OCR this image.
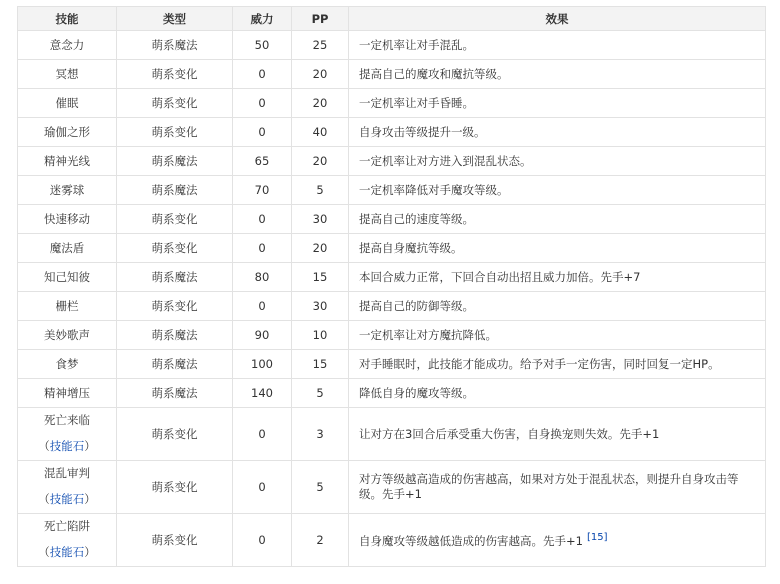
技能	类型	威力	PP	效果
意念力	萌系魔法	50	25	一定机率让对手混乱。
冥想	萌系变化	0	20	提高自己的魔攻和魔抗等级。
催眠	萌系变化	0	20	一定机率让对手昏睡。
瑜伽之形	萌系变化	0	40	自身攻击等级提升一级。
精神光线	萌系魔法	65	20	一定机率让对方进入到混乱状态。
迷雾球	萌系魔法	70	5	一定机率降低对手魔攻等级。
快速移动	萌系变化	0	30	提高自己的速度等级。
魔法盾	萌系变化	0	20	提高自身魔抗等级。
知己知彼	萌系魔法	80	15	本回合威力正常，下回合自动出招且威力加倍。先手+7
栅栏	萌系变化	0	30	提高自己的防御等级。
美妙歌声	萌系魔法	90	10	一定机率让对方魔抗降低。
食梦	萌系魔法	100	15	对手睡眠时，此技能才能成功。给予对手一定伤害，同时回复一定HP。
精神增压	萌系魔法	140	5	降低自身的魔攻等级。
死亡来临
（技能石）	萌系变化	0	3	让对方在3回合后承受重大伤害，自身换宠则失效。先手+1
混乱审判
（技能石）	萌系变化	0	5	对方等级越高造成的伤害越高，如果对方处于混乱状态，则提升自身攻击等级。先手+1
死亡陷阱
（技能石）	萌系变化	0	2	自身魔攻等级越低造成的伤害越高。先手+1 [15]
